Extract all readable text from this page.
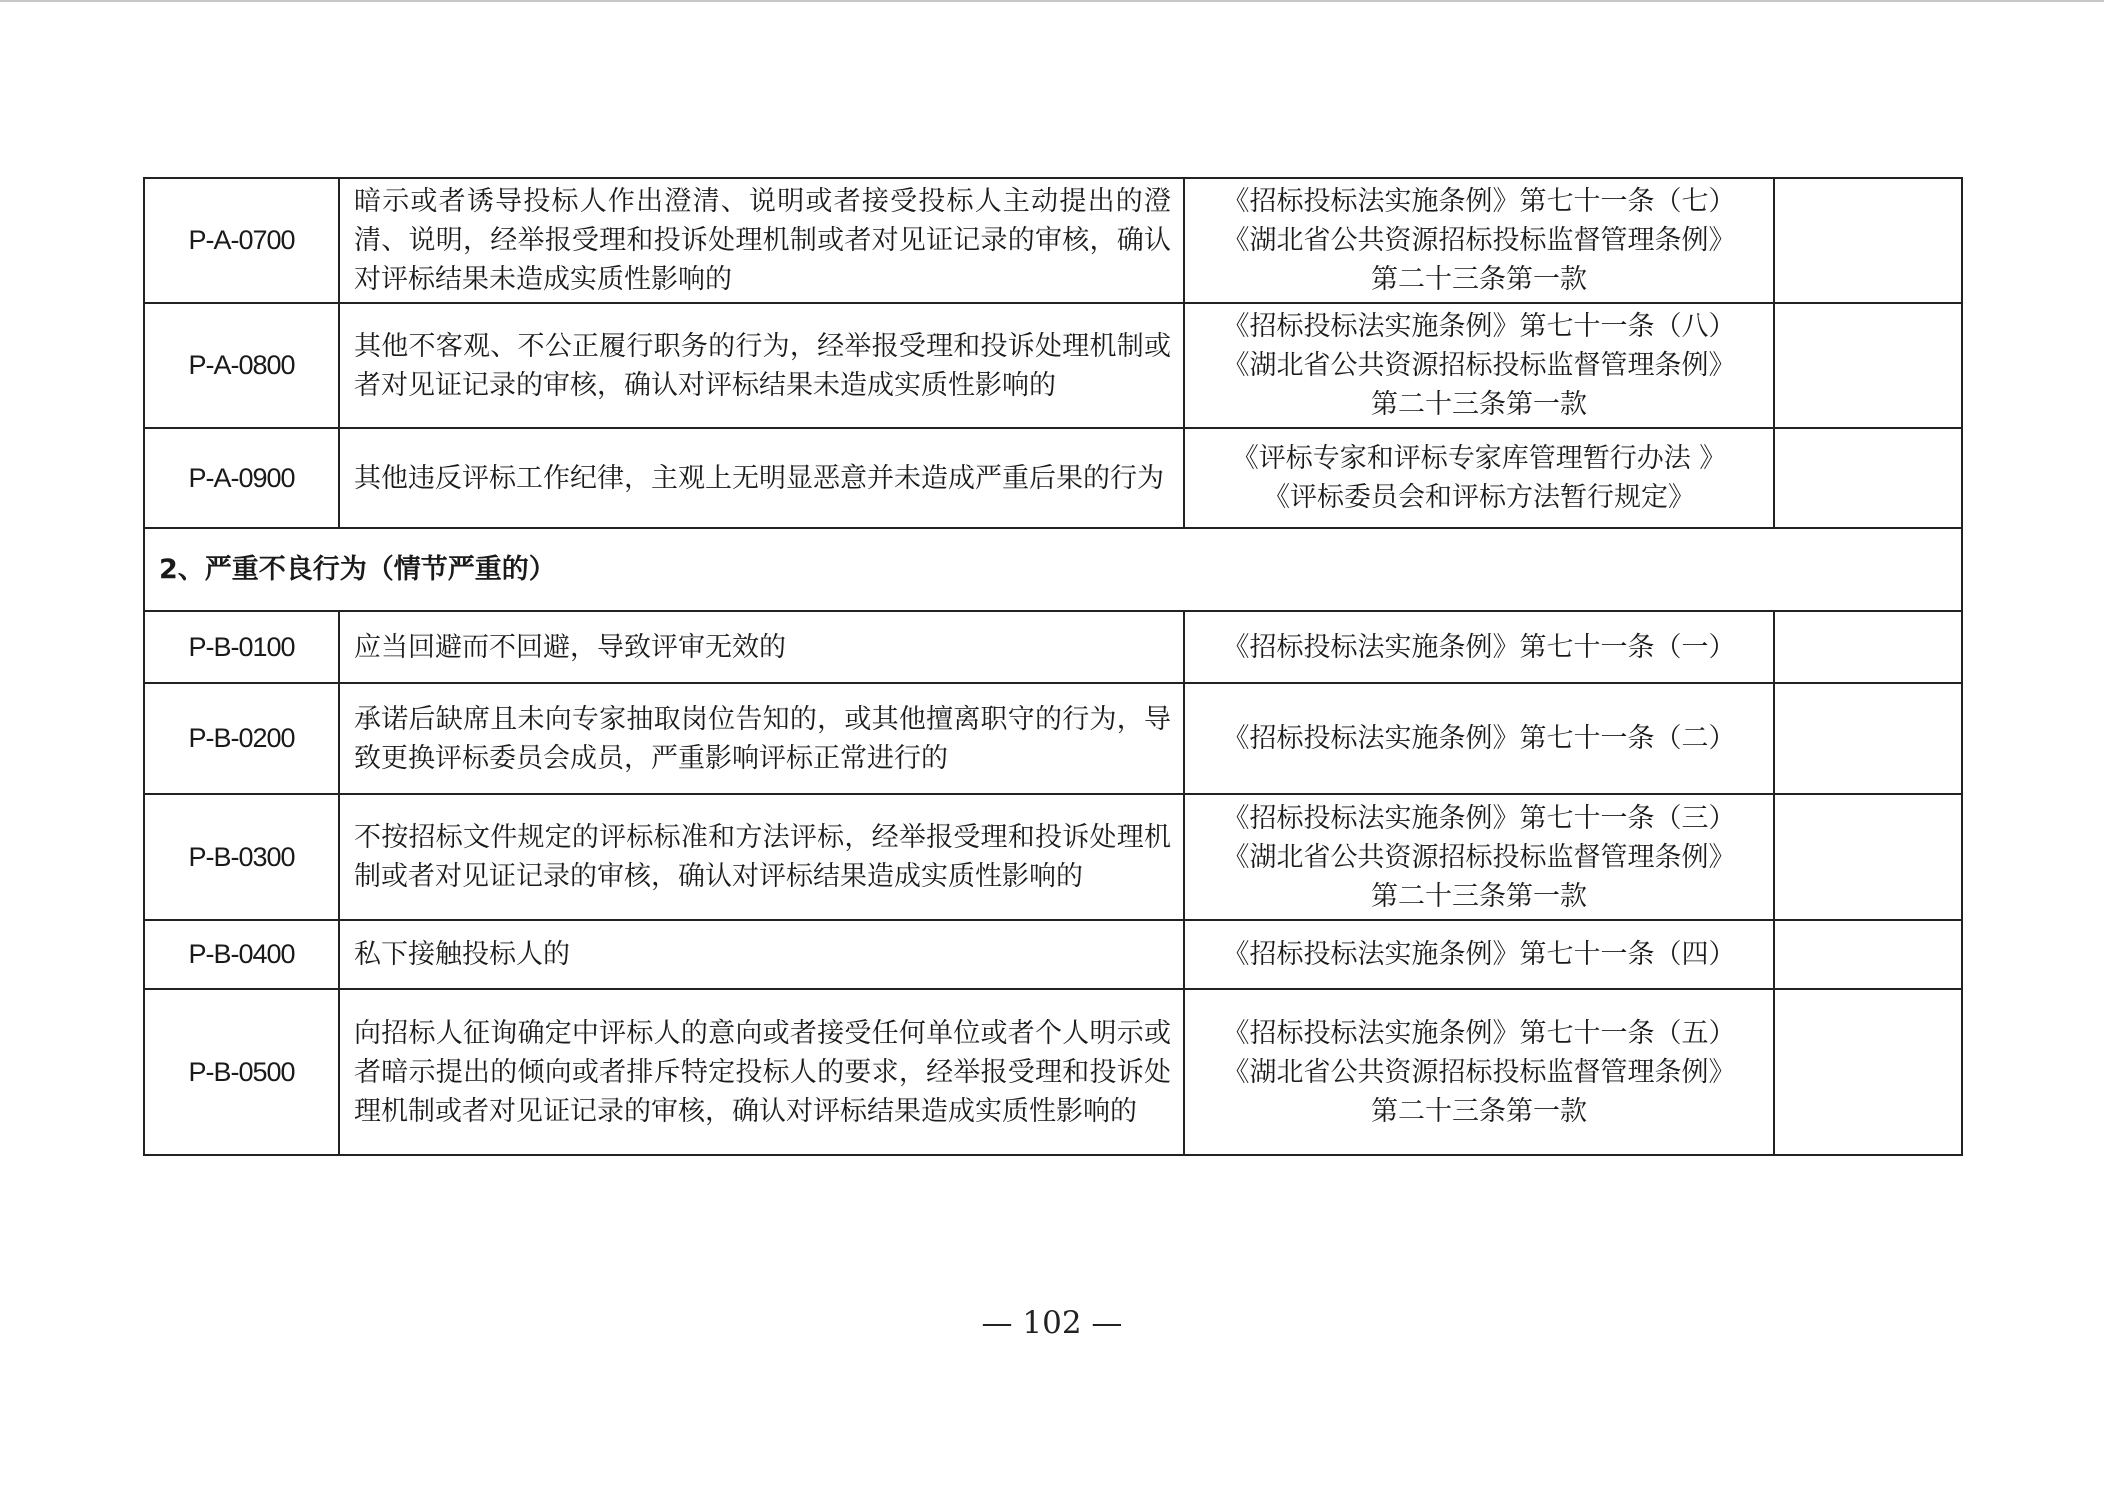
P-A-0700	暗示或者诱导投标人作出澄清、说明或者接受投标人主动提出的澄清、说明，经举报受理和投诉处理机制或者对见证记录的审核，确认对评标结果未造成实质性影响的	《招标投标法实施条例》第七十一条（七）
《湖北省公共资源招标投标监督管理条例》
第二十三条第一款	

P-A-0800	其他不客观、不公正履行职务的行为，经举报受理和投诉处理机制或者对见证记录的审核，确认对评标结果未造成实质性影响的	《招标投标法实施条例》第七十一条（八）
《湖北省公共资源招标投标监督管理条例》
第二十三条第一款	

P-A-0900	其他违反评标工作纪律，主观上无明显恶意并未造成严重后果的行为	《评标专家和评标专家库管理暂行办法 》
《评标委员会和评标方法暂行规定》	

2、严重不良行为（情节严重的）			
P-B-0100	应当回避而不回避，导致评审无效的	《招标投标法实施条例》第七十一条（一）	

P-B-0200	承诺后缺席且未向专家抽取岗位告知的，或其他擅离职守的行为，导致更换评标委员会成员，严重影响评标正常进行的	《招标投标法实施条例》第七十一条（二）	

P-B-0300	不按招标文件规定的评标标准和方法评标，经举报受理和投诉处理机制或者对见证记录的审核，确认对评标结果造成实质性影响的	《招标投标法实施条例》第七十一条（三）
《湖北省公共资源招标投标监督管理条例》
第二十三条第一款	

P-B-0400	私下接触投标人的	《招标投标法实施条例》第七十一条（四）	

P-B-0500	向招标人征询确定中评标人的意向或者接受任何单位或者个人明示或者暗示提出的倾向或者排斥特定投标人的要求，经举报受理和投诉处理机制或者对见证记录的审核，确认对评标结果造成实质性影响的	《招标投标法实施条例》第七十一条（五）
《湖北省公共资源招标投标监督管理条例》
第二十三条第一款	

— 102 —
